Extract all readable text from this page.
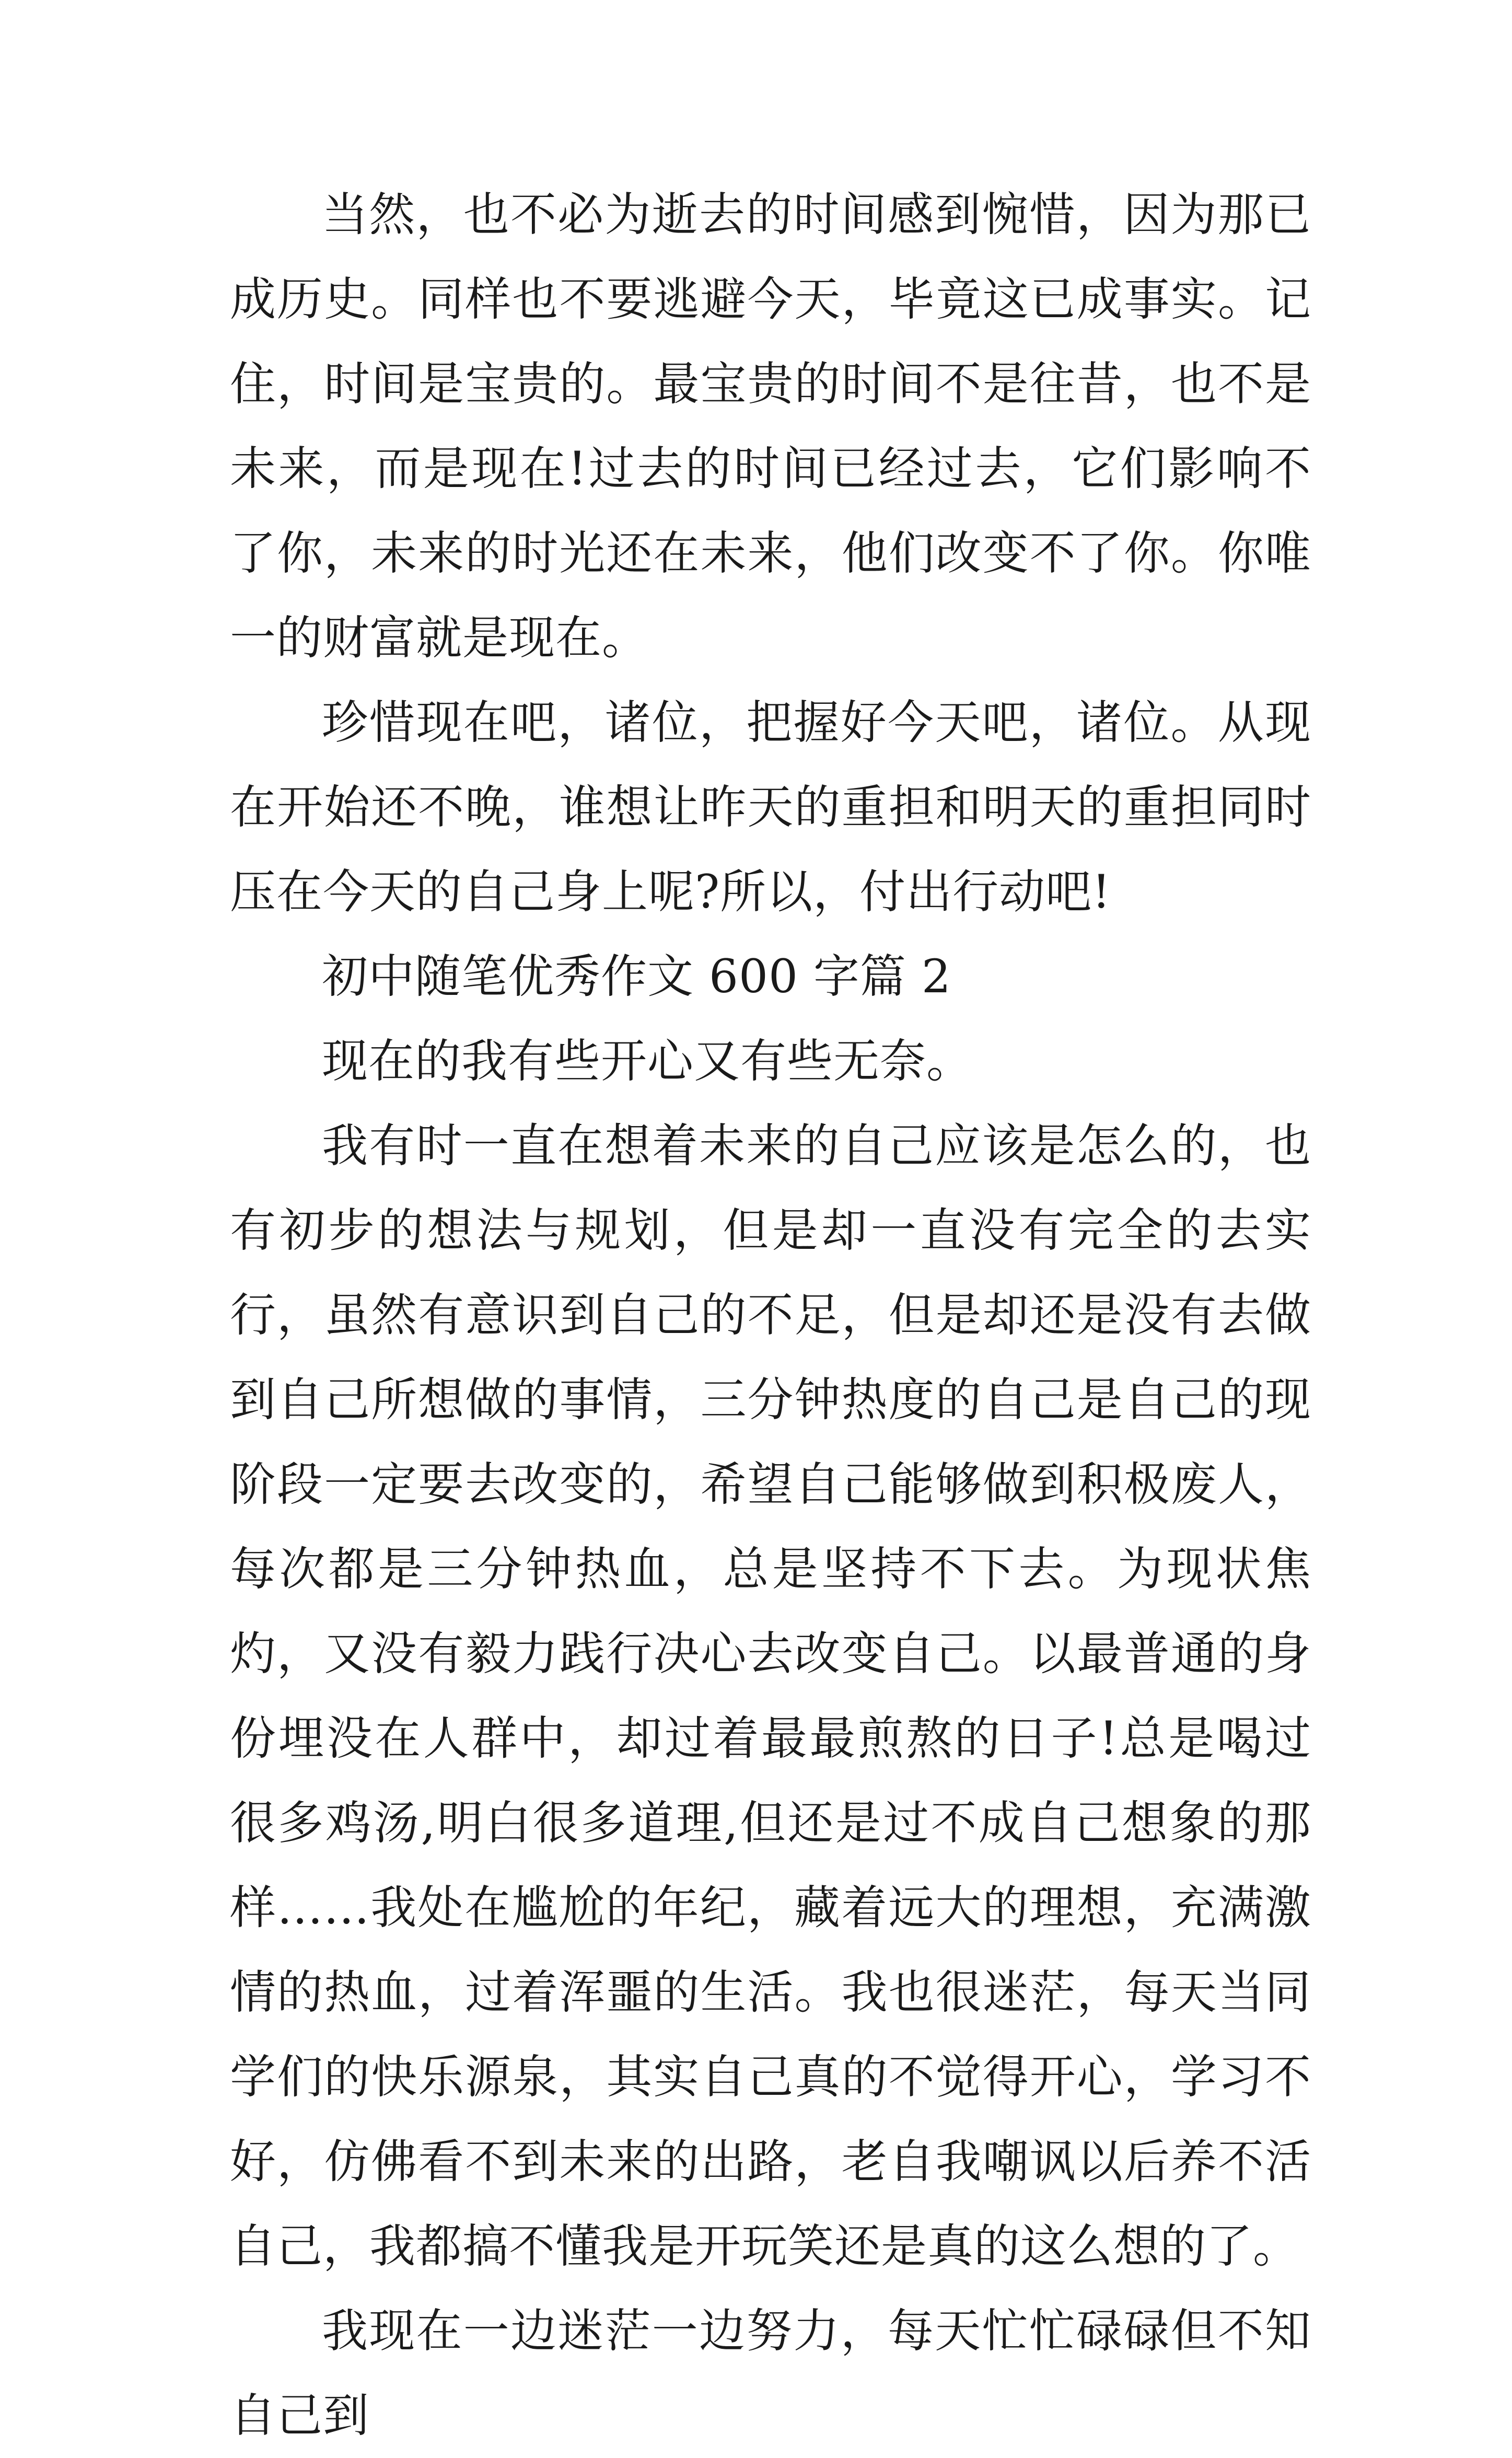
当然，也不必为逝去的时间感到惋惜，因为那已成历史。同样也不要逃避今天，毕竟这已成事实。记住，时间是宝贵的。最宝贵的时间不是往昔，也不是未来，而是现在!过去的时间已经过去，它们影响不了你，未来的时光还在未来，他们改变不了你。你唯一的财富就是现在。

珍惜现在吧，诸位，把握好今天吧，诸位。从现在开始还不晚，谁想让昨天的重担和明天的重担同时压在今天的自己身上呢?所以，付出行动吧!

初中随笔优秀作文 600 字篇 2

现在的我有些开心又有些无奈。

我有时一直在想着未来的自己应该是怎么的，也有初步的想法与规划，但是却一直没有完全的去实行，虽然有意识到自己的不足，但是却还是没有去做到自己所想做的事情，三分钟热度的自己是自己的现阶段一定要去改变的，希望自己能够做到积极废人，每次都是三分钟热血，总是坚持不下去。为现状焦灼，又没有毅力践行决心去改变自己。以最普通的身份埋没在人群中，却过着最最煎熬的日子!总是喝过很多鸡汤,明白很多道理,但还是过不成自己想象的那样……我处在尴尬的年纪，藏着远大的理想，充满激情的热血，过着浑噩的生活。我也很迷茫，每天当同学们的快乐源泉，其实自己真的不觉得开心，学习不好，仿佛看不到未来的出路，老自我嘲讽以后养不活自己，我都搞不懂我是开玩笑还是真的这么想的了。

我现在一边迷茫一边努力，每天忙忙碌碌但不知自己到
